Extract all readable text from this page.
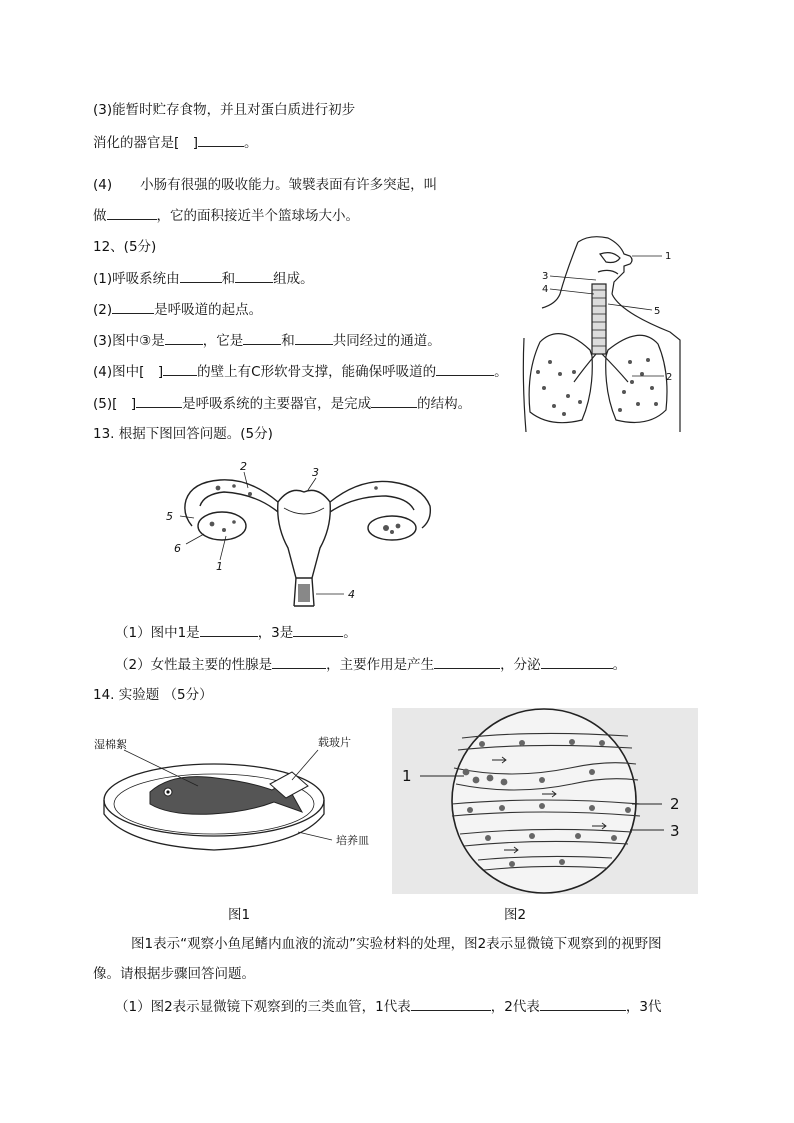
(3)能暂时贮存食物，并且对蛋白质进行初步
消化的器官是[　]	。
(4) 小肠有很强的吸收能力。皱襞表面有许多突起，叫
做	，它的面积接近半个篮球场大小。
12、(5分)
(1)呼吸系统由	和	组成。
(2)	是呼吸道的起点。
(3)图中③是	，它是	和	共同经过的通道。
(4)图中[　]	的壁上有C形软骨支撑，能确保呼吸道的	。
(5)[　]	是呼吸系统的主要器官，是完成	的结构。
1
3
4
5
2
13. 根据下图回答问题。(5分)
2	3
5
6
1
4
（1）图中1是	，3是	。
（2）女性最主要的性腺是	，主要作用是产生	，分泌	。
14. 实验题 （5分）
湿棉絮	载玻片
培养皿
1
2
3
图1	图2
图1表示“观察小鱼尾鳍内血液的流动”实验材料的处理，图2表示显微镜下观察到的视野图
像。请根据步骤回答问题。
（1）图2表示显微镜下观察到的三类血管，1代表	，2代表	，3代
